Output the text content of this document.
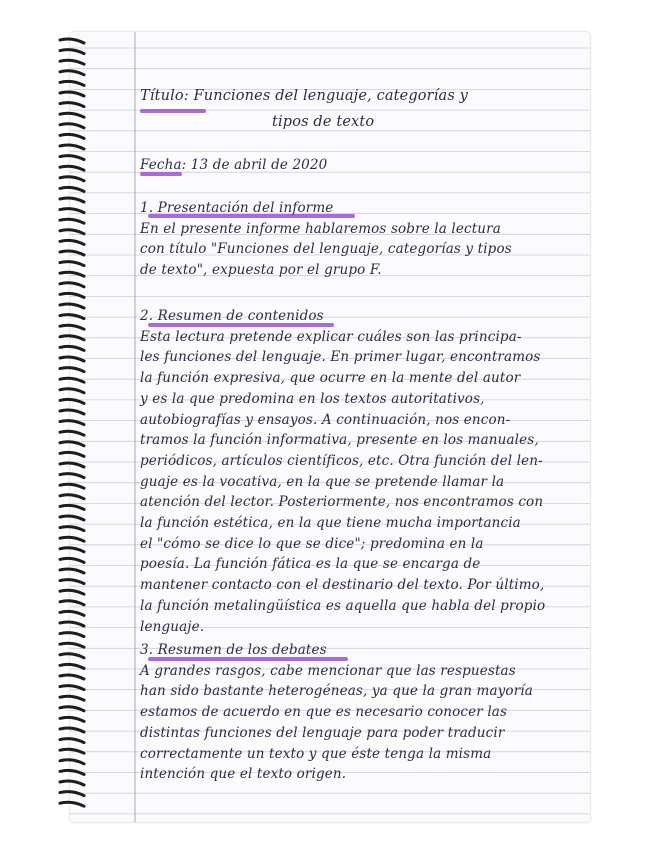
Título: Funciones del lenguaje, categorías y
tipos de texto
Fecha: 13 de abril de 2020
1. Presentación del informe
En el presente informe hablaremos sobre la lectura
con título "Funciones del lenguaje, categorías y tipos
de texto", expuesta por el grupo F.
2. Resumen de contenidos
Esta lectura pretende explicar cuáles son las principa-
les funciones del lenguaje. En primer lugar, encontramos
la función expresiva, que ocurre en la mente del autor
y es la que predomina en los textos autoritativos,
autobiografías y ensayos. A continuación, nos encon-
tramos la función informativa, presente en los manuales,
periódicos, artículos científicos, etc. Otra función del len-
guaje es la vocativa, en la que se pretende llamar la
atención del lector. Posteriormente, nos encontramos con
la función estética, en la que tiene mucha importancia
el "cómo se dice lo que se dice"; predomina en la
poesía. La función fática es la que se encarga de
mantener contacto con el destinario del texto. Por último,
la función metalingüística es aquella que habla del propio
lenguaje.
3. Resumen de los debates
A grandes rasgos, cabe mencionar que las respuestas
han sido bastante heterogéneas, ya que la gran mayoría
estamos de acuerdo en que es necesario conocer las
distintas funciones del lenguaje para poder traducir
correctamente un texto y que éste tenga la misma
intención que el texto origen.
